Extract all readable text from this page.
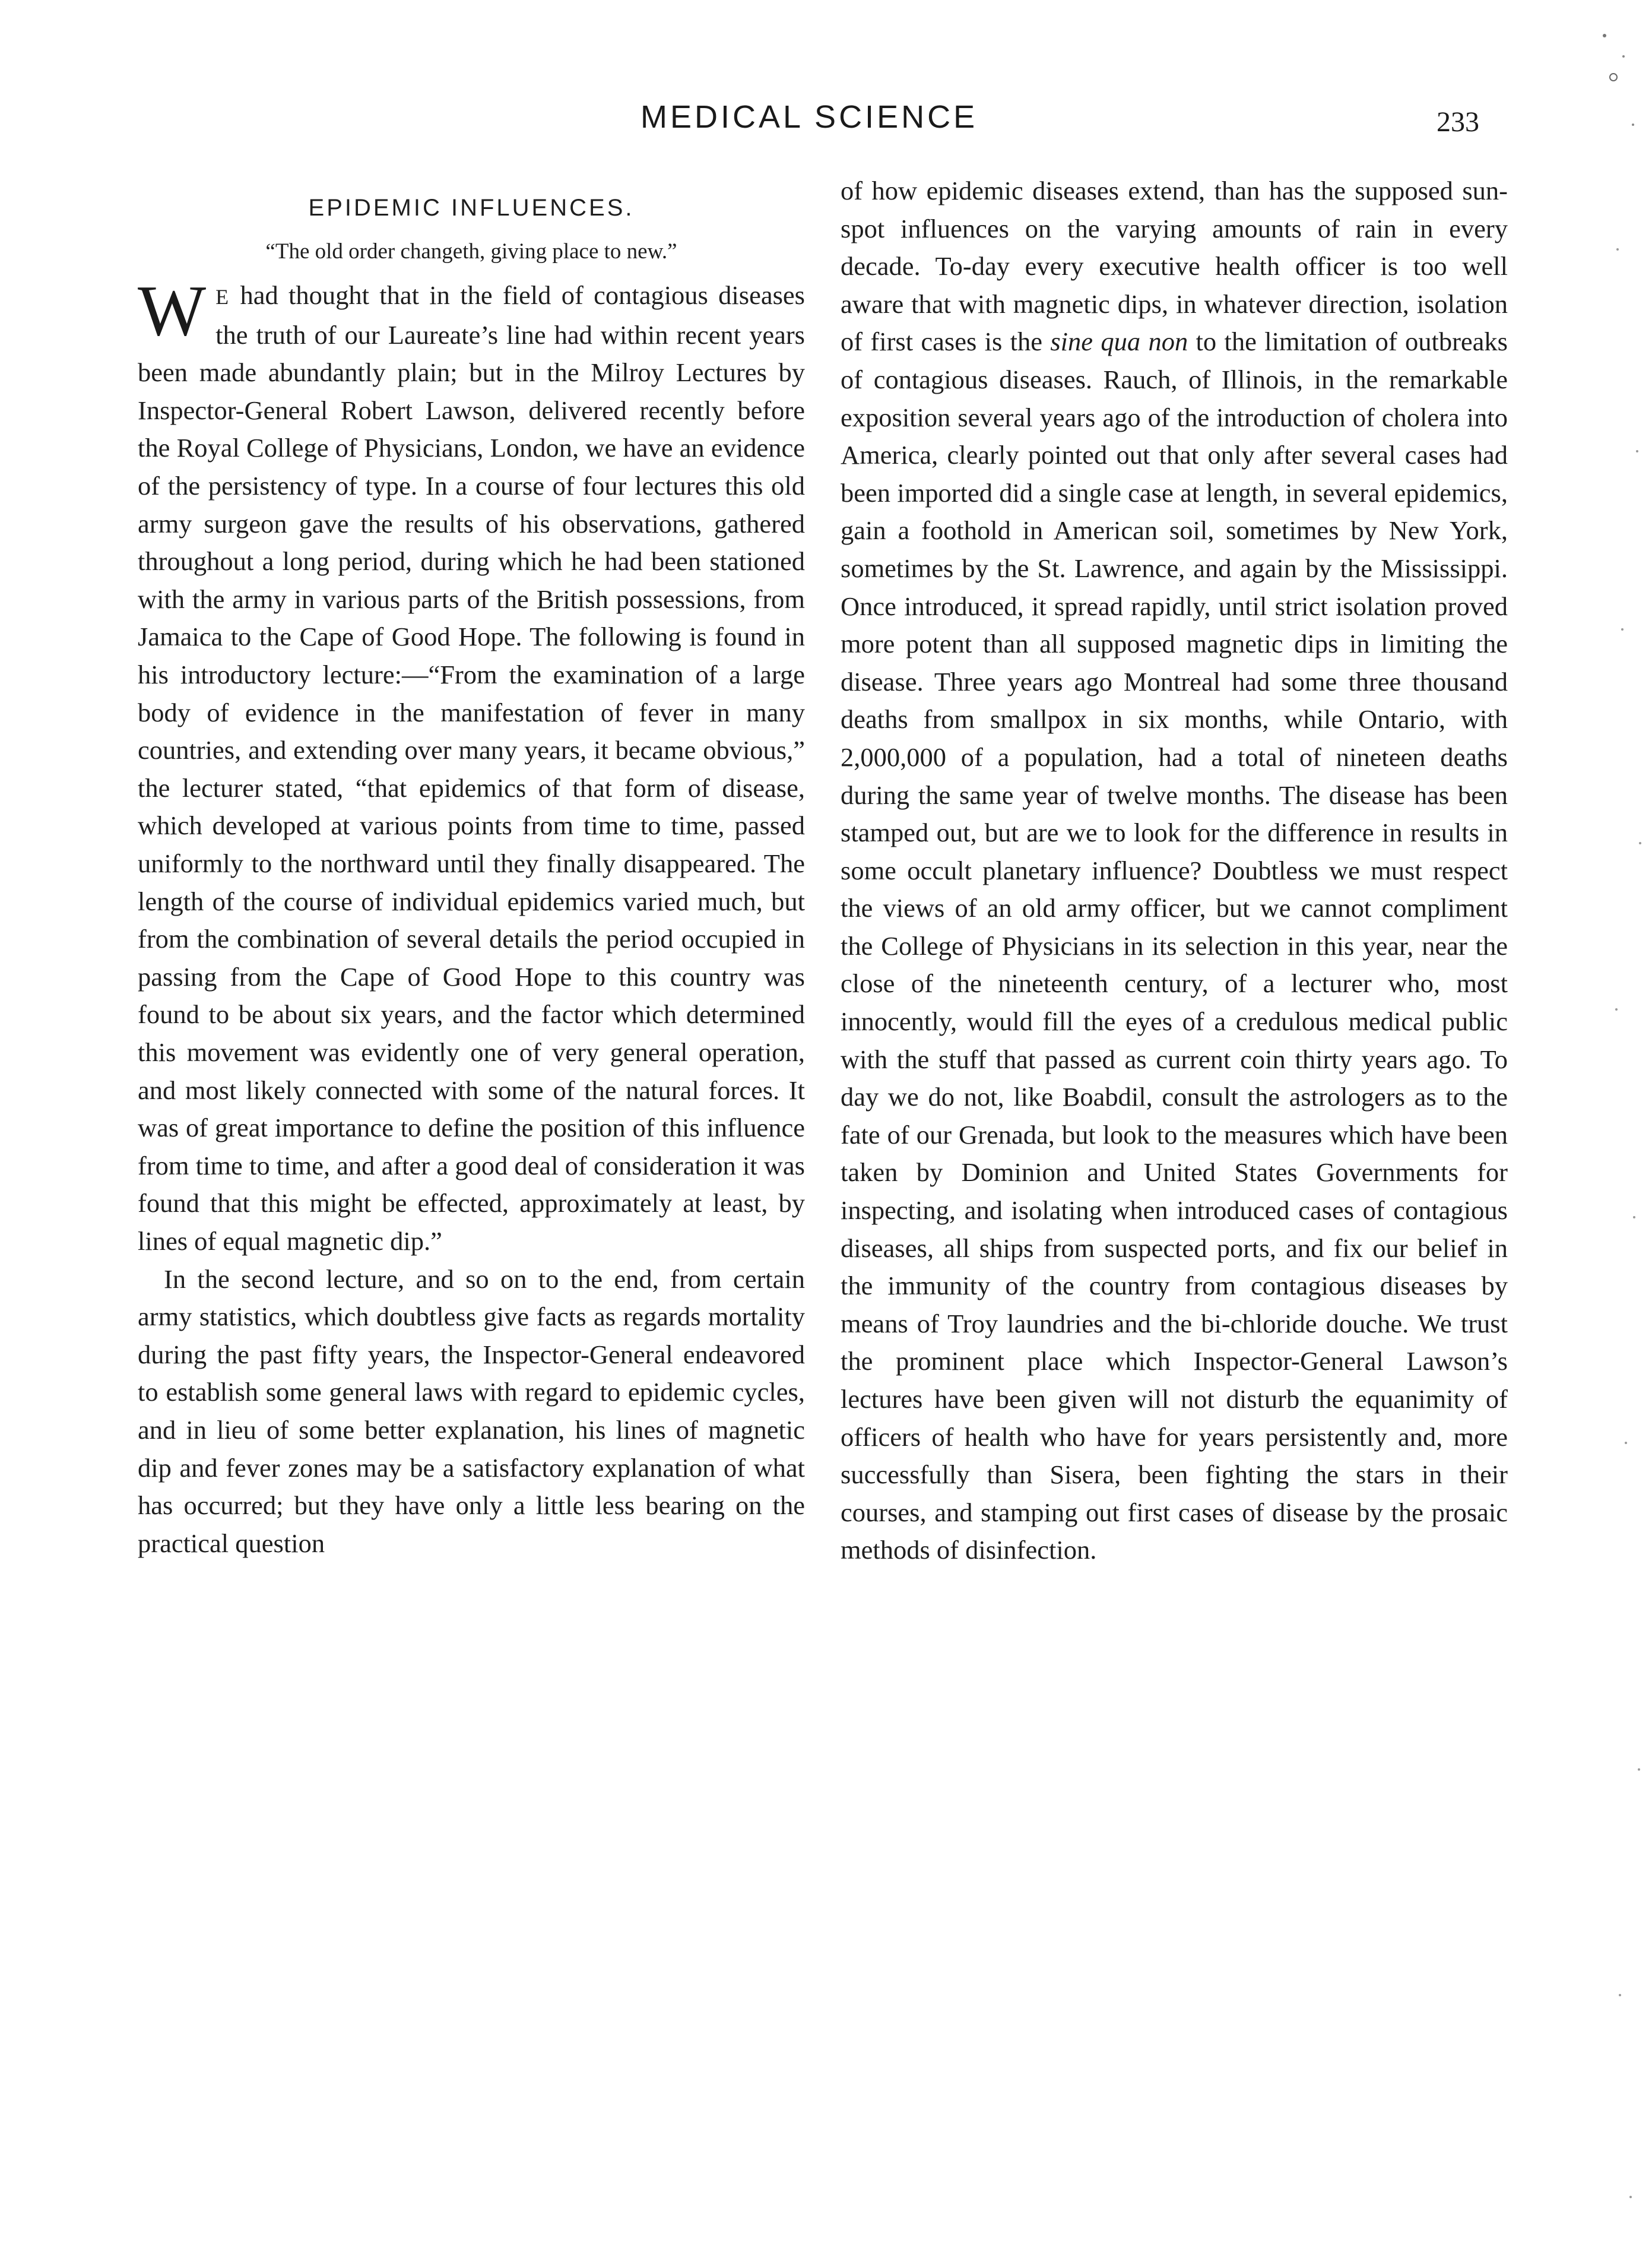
MEDICAL SCIENCE	233
EPIDEMIC INFLUENCES.
“The old order changeth, giving place to new.”

W E had thought that in the field of contagious diseases the truth of our Laureate’s line had within recent years been made abundantly plain; but in the Milroy Lectures by Inspector-General Robert Lawson, delivered recently before the Royal College of Physicians, London, we have an evidence of the persistency of type. In a course of four lectures this old army surgeon gave the results of his observations, gathered throughout a long period, during which he had been stationed with the army in various parts of the British possessions, from Jamaica to the Cape of Good Hope. The following is found in his introductory lecture:—“From the examination of a large body of evidence in the manifestation of fever in many countries, and extending over many years, it became obvious,” the lecturer stated, “that epidemics of that form of disease, which developed at various points from time to time, passed uniformly to the northward until they finally disappeared. The length of the course of individual epidemics varied much, but from the combination of several details the period occupied in passing from the Cape of Good Hope to this country was found to be about six years, and the factor which determined this movement was evidently one of very general operation, and most likely connected with some of the natural forces. It was of great importance to define the position of this influence from time to time, and after a good deal of consideration it was found that this might be effected, approximately at least, by lines of equal magnetic dip.”

In the second lecture, and so on to the end, from certain army statistics, which doubtless give facts as regards mortality during the past fifty years, the Inspector-General endeavored to establish some general laws with regard to epidemic cycles, and in lieu of some better explanation, his lines of magnetic dip and fever zones may be a satisfactory explanation of what has occurred; but they have only a little less bearing on the practical question

of how epidemic diseases extend, than has the supposed sun-spot influences on the varying amounts of rain in every decade. To-day every executive health officer is too well aware that with magnetic dips, in whatever direction, isolation of first cases is the sine qua non to the limitation of outbreaks of contagious diseases. Rauch, of Illinois, in the remarkable exposition several years ago of the introduction of cholera into America, clearly pointed out that only after several cases had been imported did a single case at length, in several epidemics, gain a foothold in American soil, sometimes by New York, sometimes by the St. Lawrence, and again by the Mississippi. Once introduced, it spread rapidly, until strict isolation proved more potent than all supposed magnetic dips in limiting the disease. Three years ago Montreal had some three thousand deaths from smallpox in six months, while Ontario, with 2,000,000 of a population, had a total of nineteen deaths during the same year of twelve months. The disease has been stamped out, but are we to look for the difference in results in some occult planetary influence? Doubtless we must respect the views of an old army officer, but we cannot compliment the College of Physicians in its selection in this year, near the close of the nineteenth century, of a lecturer who, most innocently, would fill the eyes of a credulous medical public with the stuff that passed as current coin thirty years ago. To day we do not, like Boabdil, consult the astrologers as to the fate of our Grenada, but look to the measures which have been taken by Dominion and United States Governments for inspecting, and isolating when introduced cases of contagious diseases, all ships from suspected ports, and fix our belief in the immunity of the country from contagious diseases by means of Troy laundries and the bi-chloride douche. We trust the prominent place which Inspector-General Lawson’s lectures have been given will not disturb the equanimity of officers of health who have for years persistently and, more successfully than Sisera, been fighting the stars in their courses, and stamping out first cases of disease by the prosaic methods of disinfection.
